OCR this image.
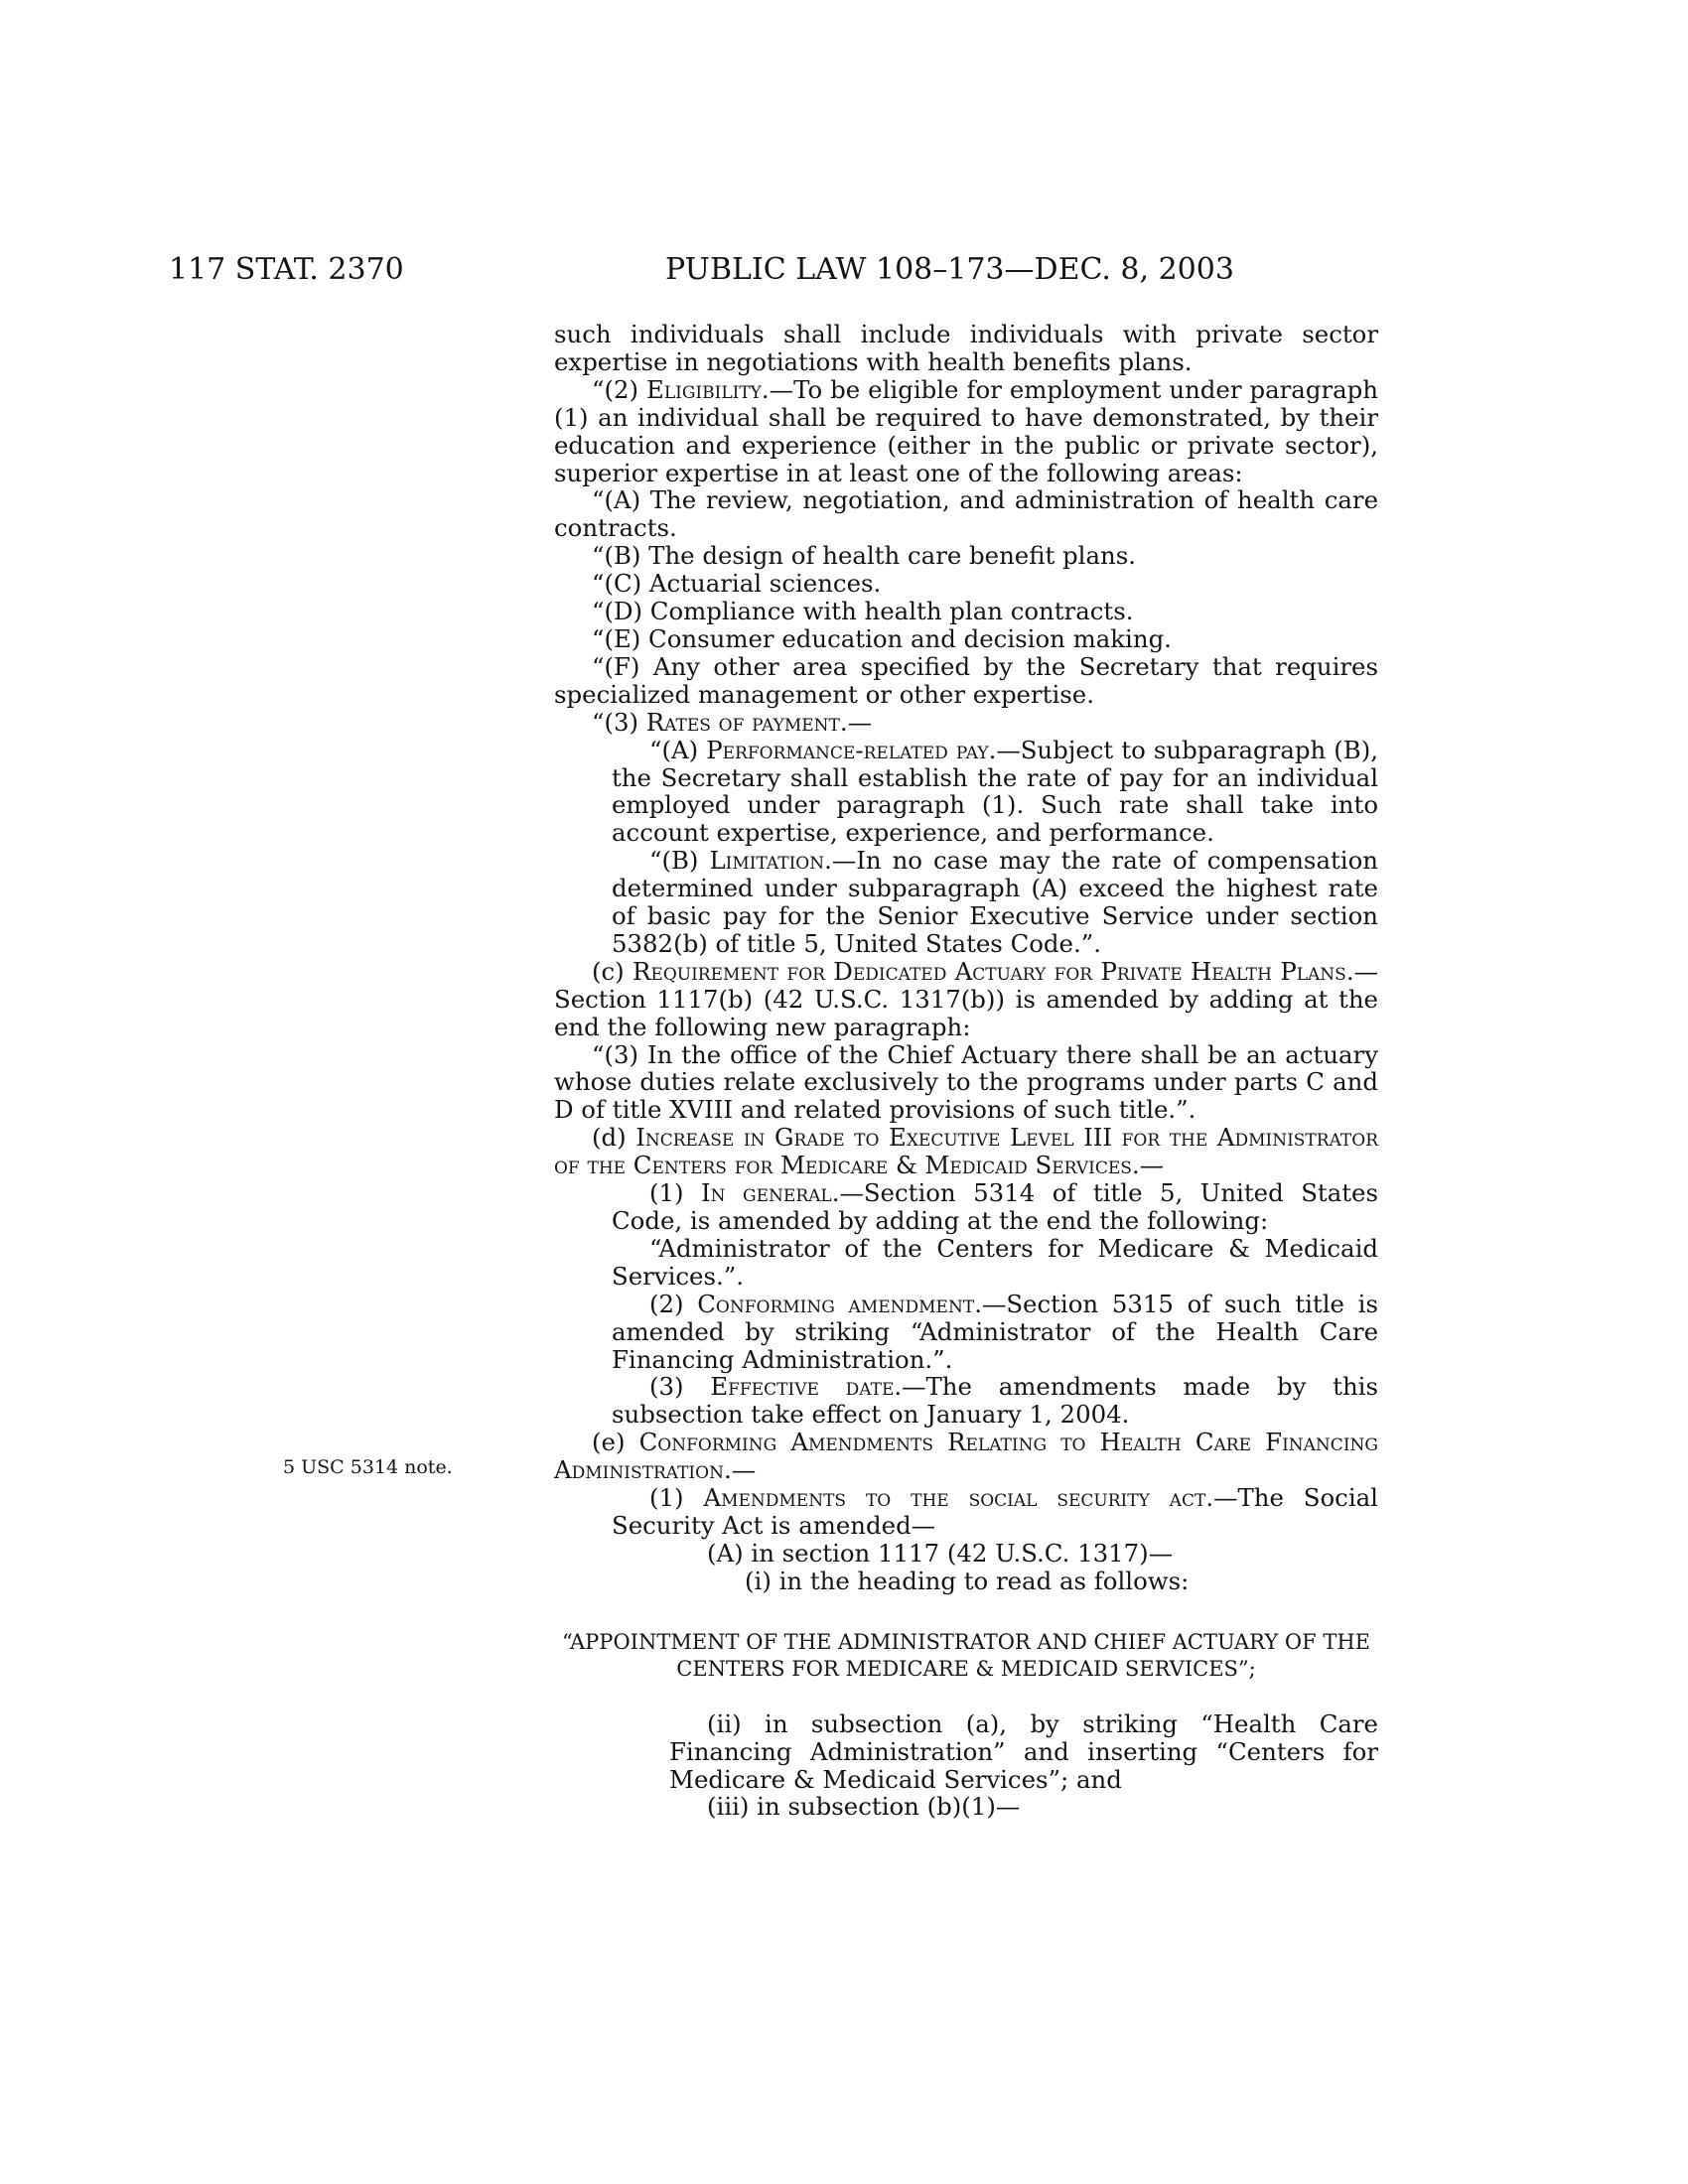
117 STAT. 2370	PUBLIC LAW 108–173—DEC. 8, 2003
5 USC 5314 note.

such individuals shall include individuals with private sector expertise in negotiations with health benefits plans.

“(2) Eligibility.—To be eligible for employment under paragraph (1) an individual shall be required to have demonstrated, by their education and experience (either in the public or private sector), superior expertise in at least one of the following areas:

“(A) The review, negotiation, and administration of health care contracts.

“(B) The design of health care benefit plans.

“(C) Actuarial sciences.

“(D) Compliance with health plan contracts.

“(E) Consumer education and decision making.

“(F) Any other area specified by the Secretary that requires specialized management or other expertise.

“(3) Rates of payment.—

“(A) Performance-related pay.—Subject to subparagraph (B), the Secretary shall establish the rate of pay for an individual employed under paragraph (1). Such rate shall take into account expertise, experience, and performance.

“(B) Limitation.—In no case may the rate of compensation determined under subparagraph (A) exceed the highest rate of basic pay for the Senior Executive Service under section 5382(b) of title 5, United States Code.”.

(c) Requirement for Dedicated Actuary for Private Health Plans.—Section 1117(b) (42 U.S.C. 1317(b)) is amended by adding at the end the following new paragraph:

“(3) In the office of the Chief Actuary there shall be an actuary whose duties relate exclusively to the programs under parts C and D of title XVIII and related provisions of such title.”.

(d) Increase in Grade to Executive Level III for the Administrator of the Centers for Medicare & Medicaid Services.—

(1) In general.—Section 5314 of title 5, United States Code, is amended by adding at the end the following:

“Administrator of the Centers for Medicare & Medicaid Services.”.

(2) Conforming amendment.—Section 5315 of such title is amended by striking “Administrator of the Health Care Financing Administration.”.

(3) Effective date.—The amendments made by this subsection take effect on January 1, 2004.

(e) Conforming Amendments Relating to Health Care Financing Administration.—

(1) Amendments to the social security act.—The Social Security Act is amended—

(A) in section 1117 (42 U.S.C. 1317)—

(i) in the heading to read as follows:

“APPOINTMENT OF THE ADMINISTRATOR AND CHIEF ACTUARY OF THE CENTERS FOR MEDICARE & MEDICAID SERVICES”;

(ii) in subsection (a), by striking “Health Care Financing Administration” and inserting “Centers for Medicare & Medicaid Services”; and

(iii) in subsection (b)(1)—
